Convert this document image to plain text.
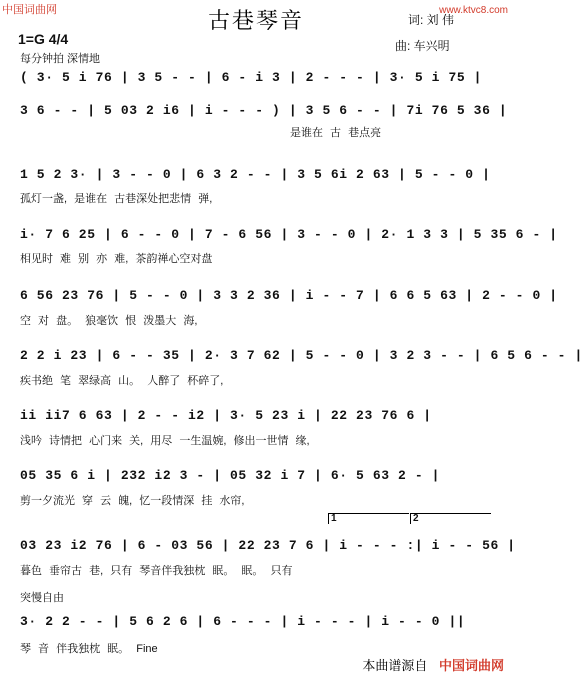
中国词曲网	www.ktvc8.com
古巷琴音	词: 刘 伟
曲: 车兴明
1=G 4/4
每分钟拍 深情地
( 3· 5 i 76 | 3 5 - - | 6 - i 3 | 2 - - - | 3· 5 i 75 |
3 6 - - | 5 03 2 i6 | i - - - ) | 3 5 6 - - | 7i 76 5 36 |
是谁在 古 巷点亮
1 5 2 3· | 3 - - 0 | 6 3 2 - - | 3 5 6i 2 63 | 5 - - 0 |
孤灯一盏, 是谁在 古巷深处把悲情 弹,
i· 7 6 25 | 6 - - 0 | 7 - 6 56 | 3 - - 0 | 2· 1 3 3 | 5 35 6 - |
相见时 难 别 亦 难, 茶韵禅心空对盘
6 56 23 76 | 5 - - 0 | 3 3 2 36 | i - - 7 | 6 6 5 63 | 2 - - 0 |
空 对 盘。 狼毫饮 恨 泼墨大 海,
2 2 i 23 | 6 - - 35 | 2· 3 7 62 | 5 - - 0 | 3 2 3 - - | 6 5 6 - - |
疾书绝 笔 翠绿高 山。 人醉了 杯碎了,
ii ii7 6 63 | 2 - - i2 | 3· 5 23 i | 22 23 76 6 |
浅吟 诗情把 心门来 关, 用尽 一生温婉, 修出一世情 缘,
05 35 6 i | 232 i2 3 - | 05 32 i 7 | 6· 5 63 2 - |
剪一夕流光 穿 云 魄, 忆一段情深 挂 水帘,
1	2
03 23 i2 76 | 6 - 03 56 | 22 23 7 6 | i - - - :| i - - 56 |
暮色 垂帘古 巷, 只有 琴音伴我独枕 眠。 眠。 只有
突慢自由
3· 2 2 - - | 5 6 2 6 | 6 - - - | i - - - | i - - 0 ||
琴 音 伴我独枕 眠。 Fine
本曲谱源自 中国词曲网
